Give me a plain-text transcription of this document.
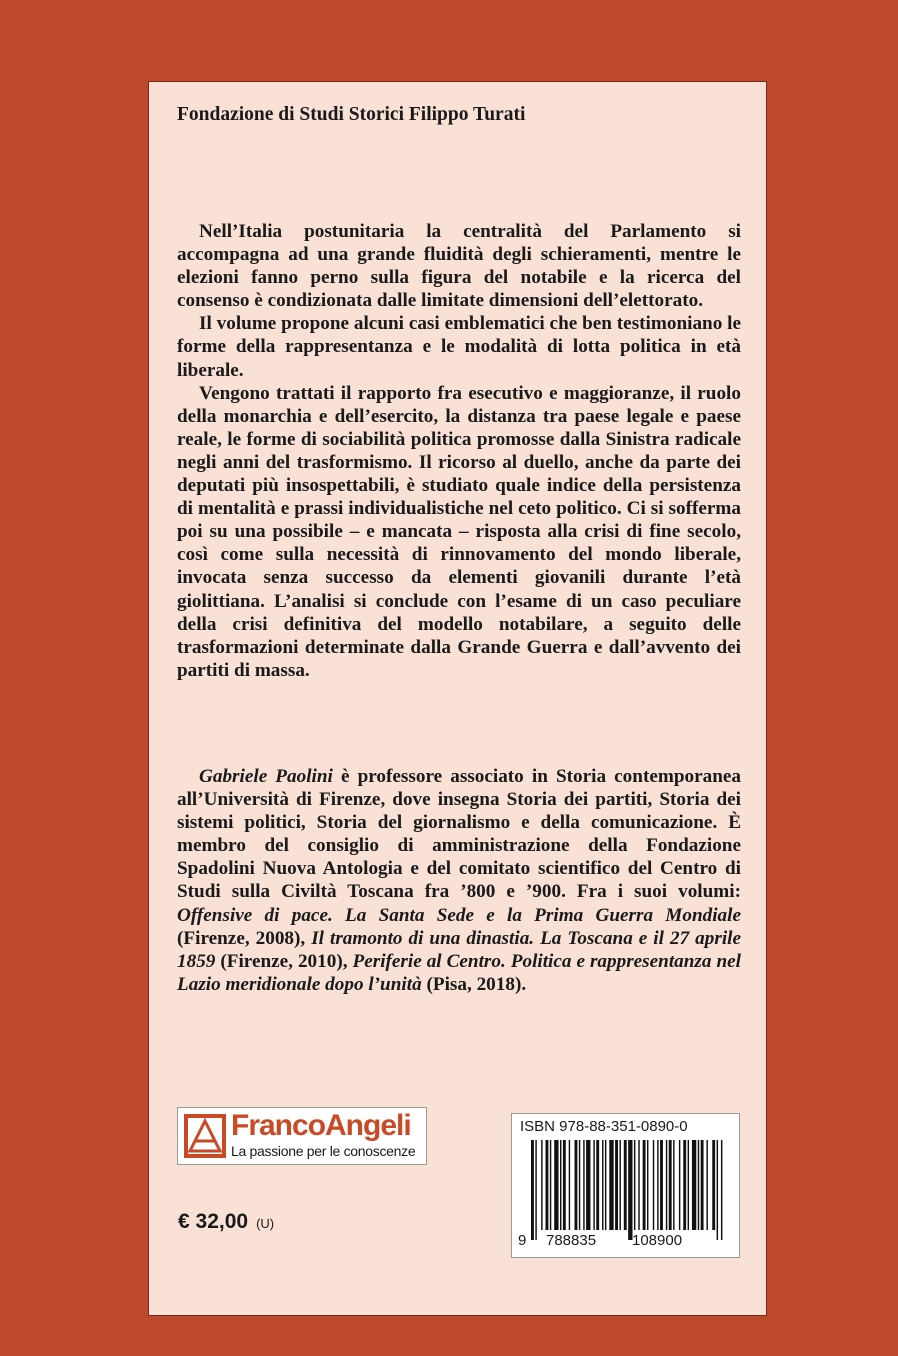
Fondazione di Studi Storici Filippo Turati

Nell’Italia postunitaria la centralità del Parlamento si accompagna ad una grande fluidità degli schieramenti, mentre le elezioni fanno perno sulla figura del notabile e la ricerca del consenso è condizionata dalle limitate dimensioni dell’elettorato.

Il volume propone alcuni casi emblematici che ben testimoniano le forme della rappresentanza e le modalità di lotta politica in età liberale.

Vengono trattati il rapporto fra esecutivo e maggioranze, il ruolo della monarchia e dell’esercito, la distanza tra paese legale e paese reale, le forme di sociabilità politica promosse dalla Sinistra radicale negli anni del trasformismo. Il ricorso al duello, anche da parte dei deputati più insospettabili, è studiato quale indice della persistenza di mentalità e prassi individualistiche nel ceto politico. Ci si sofferma poi su una possibile – e mancata – risposta alla crisi di fine secolo, così come sulla necessità di rinnovamento del mondo liberale, invocata senza successo da elementi giovanili durante l’età giolittiana. L’analisi si conclude con l’esame di un caso peculiare della crisi definitiva del modello notabilare, a seguito delle trasformazioni determinate dalla Grande Guerra e dall’avvento dei partiti di massa.

Gabriele Paolini è professore associato in Storia contemporanea all’Università di Firenze, dove insegna Storia dei partiti, Storia dei sistemi politici, Storia del giornalismo e della comunicazione. È membro del consiglio di amministrazione della Fondazione Spadolini Nuova Antologia e del comitato scientifico del Centro di Studi sulla Civiltà Toscana fra ’800 e ’900. Fra i suoi volumi: Offensive di pace. La Santa Sede e la Prima Guerra Mondiale (Firenze, 2008), Il tramonto di una dinastia. La Toscana e il 27 aprile 1859 (Firenze, 2010), Periferie al Centro. Politica e rappresentanza nel Lazio meridionale dopo l’unità (Pisa, 2018).

FrancoAngeli
La passione per le conoscenze
€ 32,00 (U)
ISBN 978-88-351-0890-0
9 788835 108900
